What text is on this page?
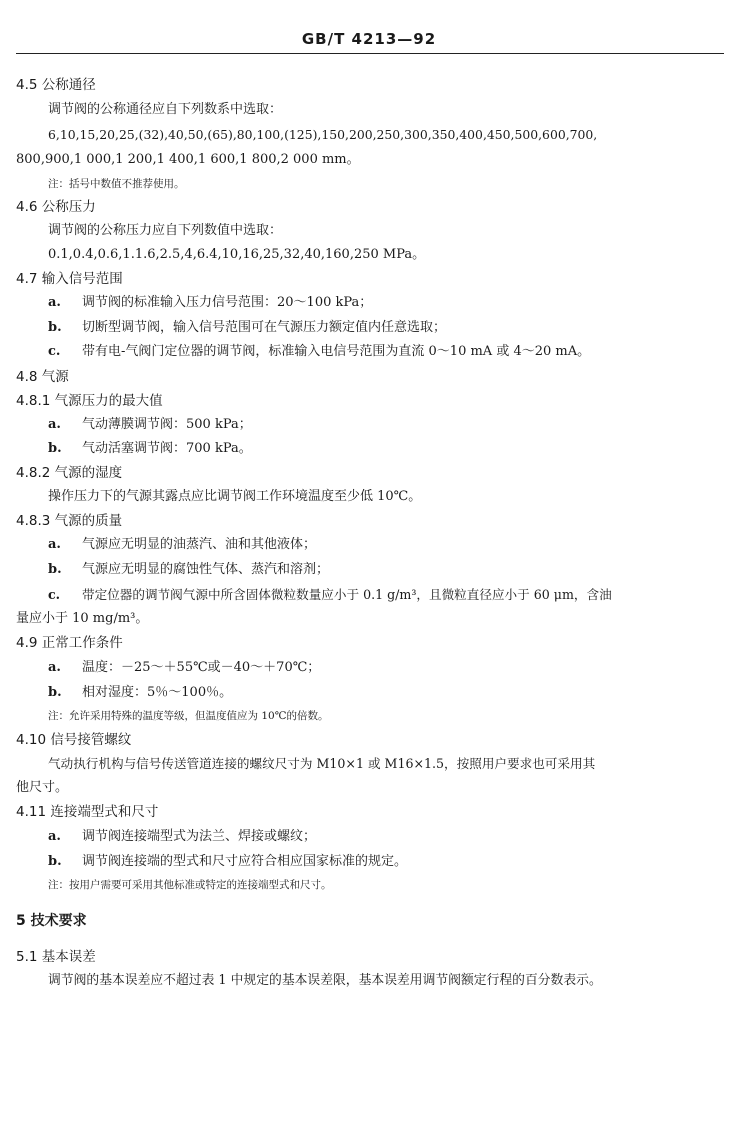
GB/T 4213—92
4.5 公称通径
调节阀的公称通径应自下列数系中选取：
6,10,15,20,25,(32),40,50,(65),80,100,(125),150,200,250,300,350,400,450,500,600,700,
800,900,1 000,1 200,1 400,1 600,1 800,2 000 mm。
注：括号中数值不推荐使用。
4.6 公称压力
调节阀的公称压力应自下列数值中选取：
0.1,0.4,0.6,1.1.6,2.5,4,6.4,10,16,25,32,40,160,250 MPa。
4.7 输入信号范围
a. 调节阀的标准输入压力信号范围：20～100 kPa；
b. 切断型调节阀，输入信号范围可在气源压力额定值内任意选取；
c. 带有电-气阀门定位器的调节阀，标准输入电信号范围为直流 0～10 mA 或 4～20 mA。
4.8 气源
4.8.1 气源压力的最大值
a. 气动薄膜调节阀：500 kPa；
b. 气动活塞调节阀：700 kPa。
4.8.2 气源的湿度
操作压力下的气源其露点应比调节阀工作环境温度至少低 10℃。
4.8.3 气源的质量
a. 气源应无明显的油蒸汽、油和其他液体；
b. 气源应无明显的腐蚀性气体、蒸汽和溶剂；
c. 带定位器的调节阀气源中所含固体微粒数量应小于 0.1 g/m³，且微粒直径应小于 60 μm，含油
量应小于 10 mg/m³。
4.9 正常工作条件
a. 温度：－25～＋55℃或－40～＋70℃；
b. 相对湿度：5％～100％。
注：允许采用特殊的温度等级，但温度值应为 10℃的倍数。
4.10 信号接管螺纹
气动执行机构与信号传送管道连接的螺纹尺寸为 M10×1 或 M16×1.5，按照用户要求也可采用其
他尺寸。
4.11 连接端型式和尺寸
a. 调节阀连接端型式为法兰、焊接或螺纹；
b. 调节阀连接端的型式和尺寸应符合相应国家标准的规定。
注：按用户需要可采用其他标准或特定的连接端型式和尺寸。
5 技术要求
5.1 基本误差
调节阀的基本误差应不超过表 1 中规定的基本误差限，基本误差用调节阀额定行程的百分数表示。
